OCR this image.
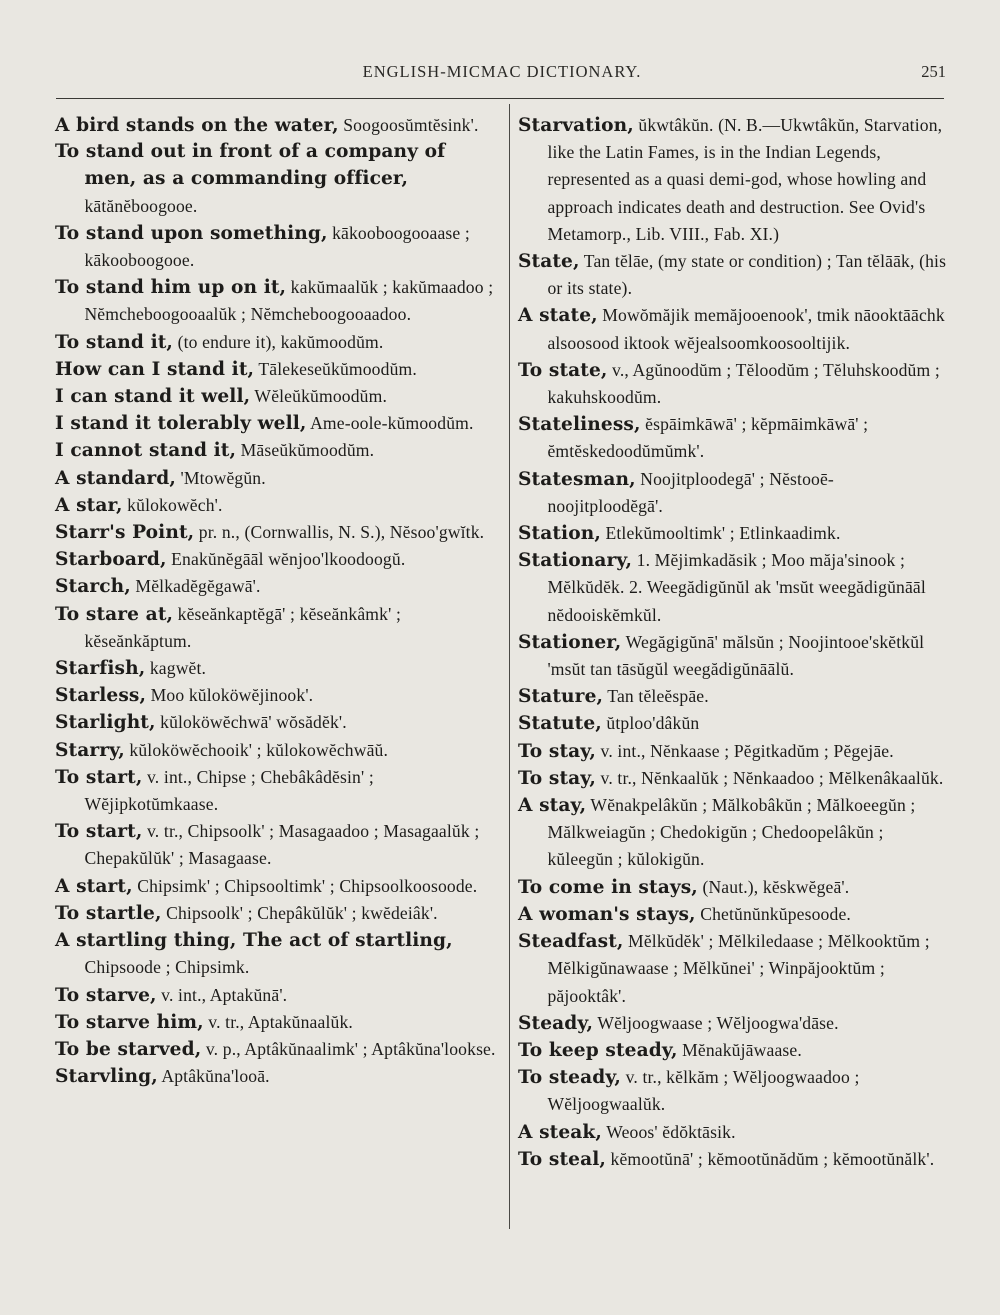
ENGLISH-MICMAC DICTIONARY.	251

A bird stands on the water, Soogoosŭmtĕsink'.

To stand out in front of a company of men, as a commanding officer, kātănĕboogooe.

To stand upon something, kākooboogooaase ; kākooboogooe.

To stand him up on it, kakŭmaalŭk ; kakŭmaadoo ; Nĕmcheboogooaalŭk ; Nĕmcheboogooaadoo.

To stand it, (to endure it), kakŭmoodŭm.

How can I stand it, Tālekeseŭkŭmoodŭm.

I can stand it well, Wĕleŭkŭmoodŭm.

I stand it tolerably well, Ame-oole-kŭmoodŭm.

I cannot stand it, Māseŭkŭmoodŭm.

A standard, 'Mtowĕgŭn.

A star, kŭlokowĕch'.

Starr's Point, pr. n., (Cornwallis, N. S.), Nĕsoo'gwĭtk.

Starboard, Enakŭnĕgāāl wĕnjoo'lkoodoogŭ.

Starch, Mĕlkadĕgĕgawā'.

To stare at, kĕseănkaptĕgā' ; kĕseănkâmk' ; kĕseănkăptum.

Starfish, kagwĕt.

Starless, Moo kŭloköwĕjinook'.

Starlight, kŭloköwĕchwā' wŏsădĕk'.

Starry, kŭloköwĕchooik' ; kŭlokowĕchwāŭ.

To start, v. int., Chipse ; Chebâkâdĕsin' ; Wĕjipkotŭmkaase.

To start, v. tr., Chipsoolk' ; Masagaadoo ; Masagaalŭk ; Chepakŭlŭk' ; Masagaase.

A start, Chipsimk' ; Chipsooltimk' ; Chipsoolkoosoode.

To startle, Chipsoolk' ; Chepâkŭlŭk' ; kwĕdeiâk'.

A startling thing, The act of startling, Chipsoode ; Chipsimk.

To starve, v. int., Aptakŭnā'.

To starve him, v. tr., Aptakŭnaalŭk.

To be starved, v. p., Aptâkŭnaalimk' ; Aptâkŭna'lookse.

Starvling, Aptâkŭna'looā.

Starvation, ŭkwtâkŭn. (N. B.—Ukwtâkŭn, Starvation, like the Latin Fames, is in the Indian Legends, represented as a quasi demi-god, whose howling and approach indicates death and destruction. See Ovid's Metamorp., Lib. VIII., Fab. XI.)

State, Tan tĕlāe, (my state or condition) ; Tan tĕlāāk, (his or its state).

A state, Mowŏmăjik memăjooenook', tmik nāooktāāchk alsoosood iktook wĕjealsoomkoosooltijik.

To state, v., Agŭnoodŭm ; Tĕloodŭm ; Tĕluhskoodŭm ; kakuhskoodŭm.

Stateliness, ĕspāimkāwā' ; kĕpmāimkāwā' ; ĕmtĕskedoodŭmŭmk'.

Statesman, Noojitploodegā' ; Nĕstooē-noojitploodĕgā'.

Station, Etlekŭmooltimk' ; Etlinkaadimk.

Stationary, 1. Mĕjimkadăsik ; Moo măja'sinook ; Mĕlkŭdĕk. 2. Weegădigŭnŭl ak 'msŭt weegădigŭnāāl nĕdooiskĕmkŭl.

Stationer, Wegăgigŭnā' mălsŭn ; Noojintooe'skĕtkŭl 'msŭt tan tāsŭgŭl weegădigŭnāālŭ.

Stature, Tan tĕleĕspāe.

Statute, ŭtploo'dâkŭn

To stay, v. int., Nĕnkaase ; Pĕgitkadŭm ; Pĕgejāe.

To stay, v. tr., Nĕnkaalŭk ; Nĕnkaadoo ; Mĕlkenâkaalŭk.

A stay, Wĕnakpelâkŭn ; Mălkobâkŭn ; Mălkoeegŭn ; Mălkweiagŭn ; Chedokigŭn ; Chedoopelâkŭn ; kŭleegŭn ; kŭlokigŭn.

To come in stays, (Naut.), kĕskwĕgeā'.

A woman's stays, Chetŭnŭnkŭpesoode.

Steadfast, Mĕlkŭdĕk' ; Mĕlkiledaase ; Mĕlkooktŭm ; Mĕlkigŭnawaase ; Mĕlkŭnei' ; Winpăjooktŭm ; păjooktâk'.

Steady, Wĕljoogwaase ; Wĕljoogwa'dāse.

To keep steady, Mĕnakŭjāwaase.

To steady, v. tr., kĕlkăm ; Wĕljoogwaadoo ; Wĕljoogwaalŭk.

A steak, Weoos' ĕdŏktāsik.

To steal, kĕmootŭnā' ; kĕmootŭnădŭm ; kĕmootŭnălk'.
